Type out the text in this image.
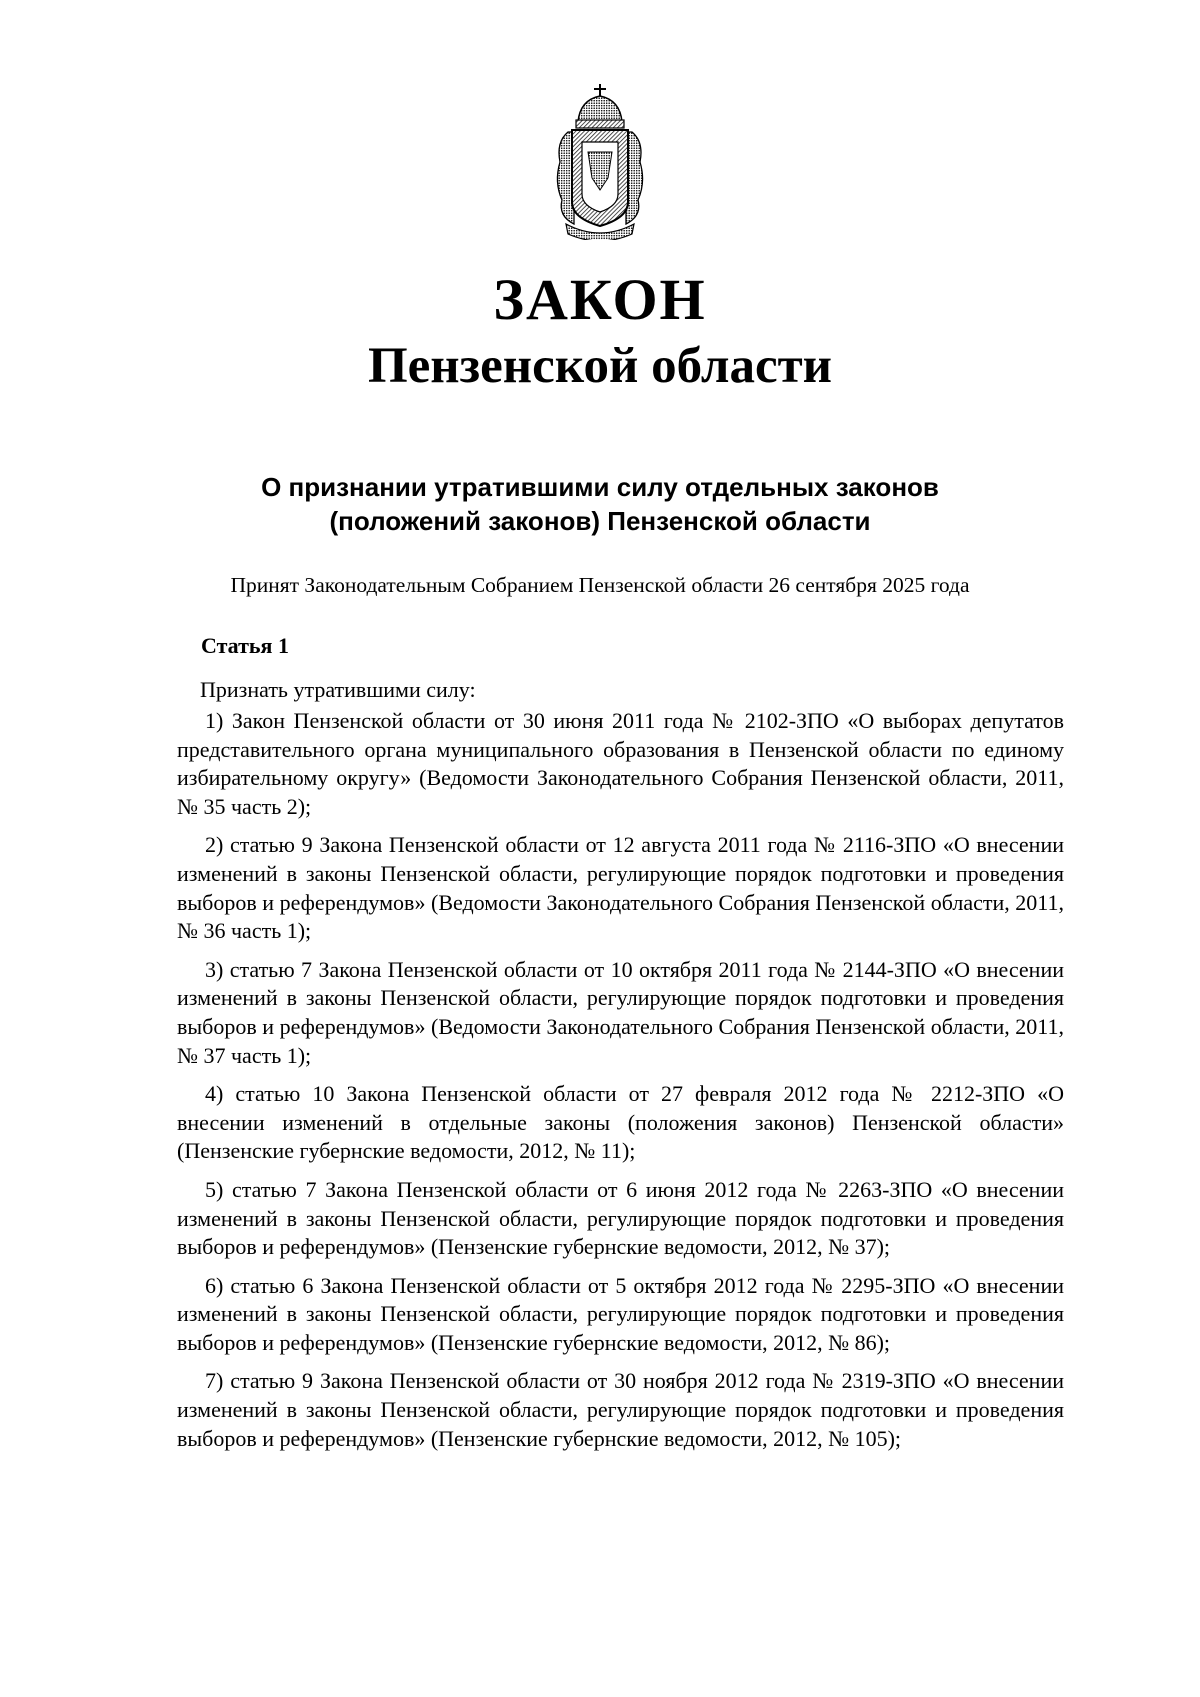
ЗАКОН
Пензенской области
О признании утратившими силу отдельных законов
(положений законов) Пензенской области
Принят Законодательным Собранием Пензенской области 26 сентября 2025 года
Статья 1
Признать утратившими силу:

1) Закон Пензенской области от 30 июня 2011 года № 2102-ЗПО «О выборах депутатов представительного органа муниципального образования в Пензенской области по единому избирательному округу» (Ведомости Законодательного Собрания Пензенской области, 2011, № 35 часть 2);

2) статью 9 Закона Пензенской области от 12 августа 2011 года № 2116-ЗПО «О внесении изменений в законы Пензенской области, регулирующие порядок подготовки и проведения выборов и референдумов» (Ведомости Законодательного Собрания Пензенской области, 2011, № 36 часть 1);

3) статью 7 Закона Пензенской области от 10 октября 2011 года № 2144-ЗПО «О внесении изменений в законы Пензенской области, регулирующие порядок подготовки и проведения выборов и референдумов» (Ведомости Законодательного Собрания Пензенской области, 2011, № 37 часть 1);

4) статью 10 Закона Пензенской области от 27 февраля 2012 года № 2212-ЗПО «О внесении изменений в отдельные законы (положения законов) Пензенской области» (Пензенские губернские ведомости, 2012, № 11);

5) статью 7 Закона Пензенской области от 6 июня 2012 года № 2263-ЗПО «О внесении изменений в законы Пензенской области, регулирующие порядок подготовки и проведения выборов и референдумов» (Пензенские губернские ведомости, 2012, № 37);

6) статью 6 Закона Пензенской области от 5 октября 2012 года № 2295-ЗПО «О внесении изменений в законы Пензенской области, регулирующие порядок подготовки и проведения выборов и референдумов» (Пензенские губернские ведомости, 2012, № 86);

7) статью 9 Закона Пензенской области от 30 ноября 2012 года № 2319-ЗПО «О внесении изменений в законы Пензенской области, регулирующие порядок подготовки и проведения выборов и референдумов» (Пензенские губернские ведомости, 2012, № 105);
